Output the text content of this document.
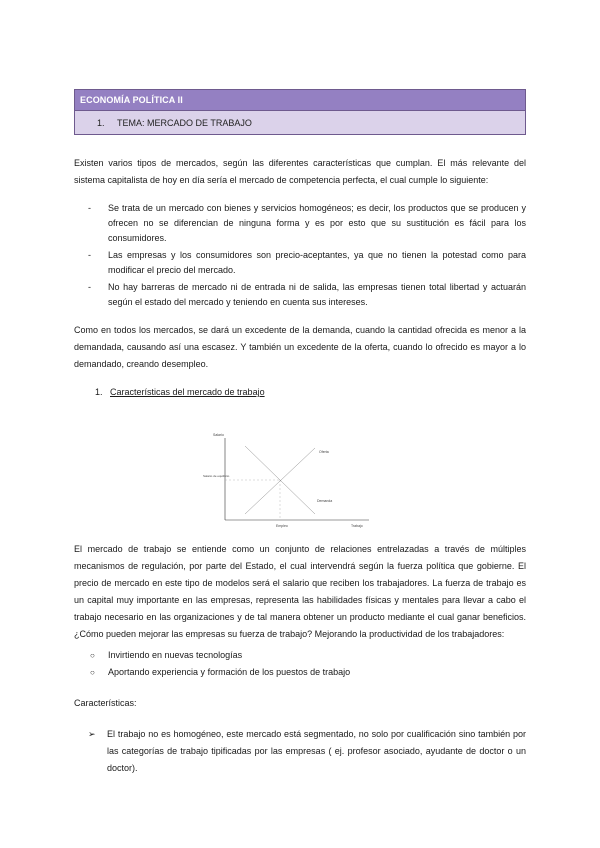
ECONOMÍA POLÍTICA II
1. TEMA: MERCADO DE TRABAJO

Existen varios tipos de mercados, según las diferentes características que cumplan. El más relevante del sistema capitalista de hoy en día sería el mercado de competencia perfecta, el cual cumple lo siguiente:

- Se trata de un mercado con bienes y servicios homogéneos; es decir, los productos que se producen y ofrecen no se diferencian de ninguna forma y es por esto que su sustitución es fácil para los consumidores.
- Las empresas y los consumidores son precio-aceptantes, ya que no tienen la potestad como para modificar el precio del mercado.
- No hay barreras de mercado ni de entrada ni de salida, las empresas tienen total libertad y actuarán según el estado del mercado y teniendo en cuenta sus intereses.

Como en todos los mercados, se dará un excedente de la demanda, cuando la cantidad ofrecida es menor a la demandada, causando así una escasez. Y también un excedente de la oferta, cuando lo ofrecido es mayor a lo demandado, creando desempleo.

1. Características del mercado de trabajo
Salario
Salario de equilibrio
Oferta
Demanda
Empleo	Trabajo

El mercado de trabajo se entiende como un conjunto de relaciones entrelazadas a través de múltiples mecanismos de regulación, por parte del Estado, el cual intervendrá según la fuerza política que gobierne. El precio de mercado en este tipo de modelos será el salario que reciben los trabajadores. La fuerza de trabajo es un capital muy importante en las empresas, representa las habilidades físicas y mentales para llevar a cabo el trabajo necesario en las organizaciones y de tal manera obtener un producto mediante el cual ganar beneficios. ¿Cómo pueden mejorar las empresas su fuerza de trabajo? Mejorando la productividad de los trabajadores:

○ Invirtiendo en nuevas tecnologías
○ Aportando experiencia y formación de los puestos de trabajo

Características:

➢ El trabajo no es homogéneo, este mercado está segmentado, no solo por cualificación sino también por las categorías de trabajo tipificadas por las empresas ( ej. profesor asociado, ayudante de doctor o un doctor).
